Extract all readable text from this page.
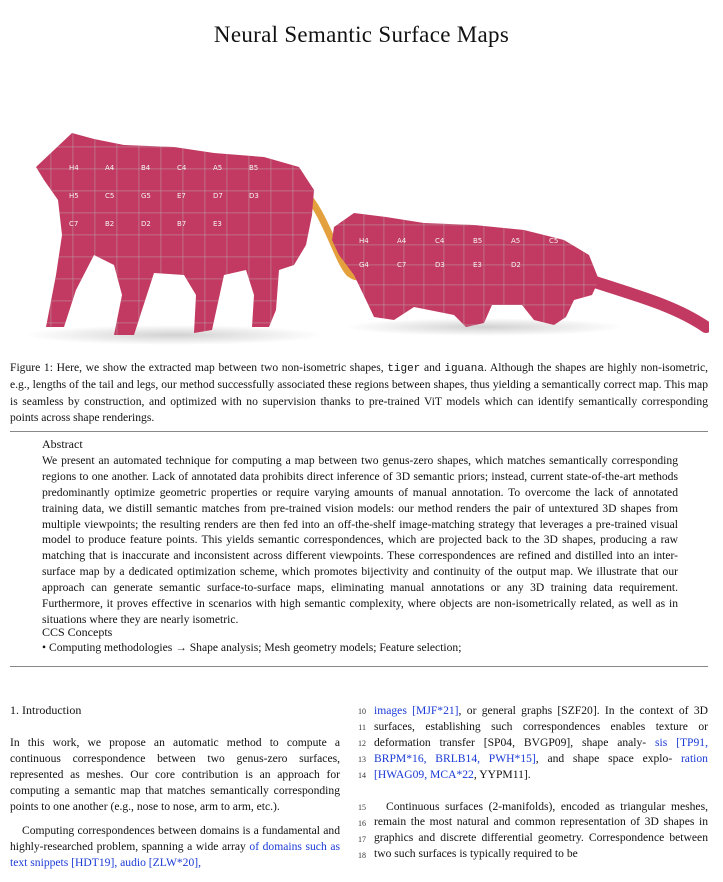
Neural Semantic Surface Maps
H4	A4	B4	C4	A5	B5
H5	C5	G5	E7	D7	D3
C7	B2	D2	B7	E3
H4	A4	C4	B5	A5	C5
G4	C7	D3	E3	D2
Figure 1: Here, we show the extracted map between two non-isometric shapes, tiger and iguana. Although the shapes are highly non-isometric, e.g., lengths of the tail and legs, our method successfully associated these regions between shapes, thus yielding a semantically correct map. This map is seamless by construction, and optimized with no supervision thanks to pre-trained ViT models which can identify semantically corresponding points across shape renderings.
Abstract
We present an automated technique for computing a map between two genus-zero shapes, which matches semantically corresponding regions to one another. Lack of annotated data prohibits direct inference of 3D semantic priors; instead, current state-of-the-art methods predominantly optimize geometric properties or require varying amounts of manual annotation. To overcome the lack of annotated training data, we distill semantic matches from pre-trained vision models: our method renders the pair of untextured 3D shapes from multiple viewpoints; the resulting renders are then fed into an off-the-shelf image-matching strategy that leverages a pre-trained visual model to produce feature points. This yields semantic correspondences, which are projected back to the 3D shapes, producing a raw matching that is inaccurate and inconsistent across different viewpoints. These correspondences are refined and distilled into an inter-surface map by a dedicated optimization scheme, which promotes bijectivity and continuity of the output map. We illustrate that our approach can generate semantic surface-to-surface maps, eliminating manual annotations or any 3D training data requirement. Furthermore, it proves effective in scenarios with high semantic complexity, where objects are non-isometrically related, as well as in situations where they are nearly isometric.
CCS Concepts
• Computing methodologies → Shape analysis; Mesh geometry models; Feature selection;

1. Introduction

In this work, we propose an automatic method to compute a continuous correspondence between two genus-zero surfaces, represented as meshes. Our core contribution is an approach for computing a semantic map that matches semantically corresponding points to one another (e.g., nose to nose, arm to arm, etc.).

Computing correspondences between domains is a fundamental and highly-researched problem, spanning a wide array of domains such as text snippets [HDT19], audio [ZLW*20],

10
11
12
13
14
15
16
17
18

images [MJF*21], or general graphs [SZF20]. In the context of 3D surfaces, establishing such correspondences enables texture or deformation transfer [SP04, BVGP09], shape analy- sis [TP91, BRPM*16, BRLB14, PWH*15], and shape space explo- ration [HWAG09, MCA*22, YYPM11].

Continuous surfaces (2-manifolds), encoded as triangular meshes, remain the most natural and common representation of 3D shapes in graphics and discrete differential geometry. Correspondence between two such surfaces is typically required to be
